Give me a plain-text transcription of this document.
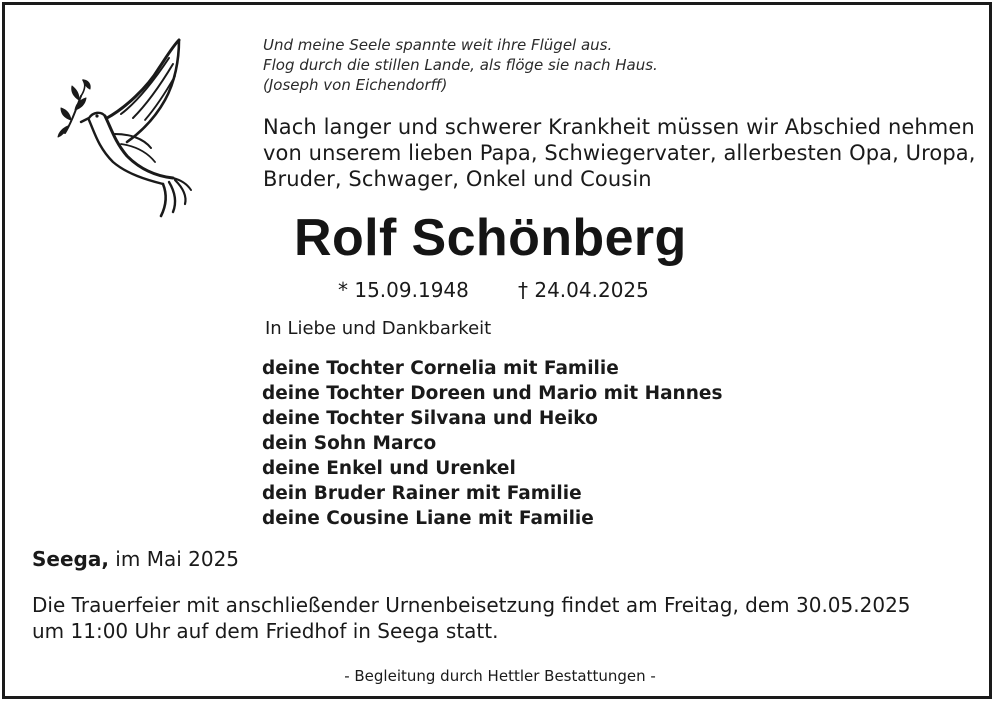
Und meine Seele spannte weit ihre Flügel aus.
Flog durch die stillen Lande, als flöge sie nach Haus.
(Joseph von Eichendorff)
Nach langer und schwerer Krankheit müssen wir Abschied nehmen
von unserem lieben Papa, Schwiegervater, allerbesten Opa, Uropa,
Bruder, Schwager, Onkel und Cousin
Rolf Schönberg
* 15.09.1948 † 24.04.2025
In Liebe und Dankbarkeit
deine Tochter Cornelia mit Familie
deine Tochter Doreen und Mario mit Hannes
deine Tochter Silvana und Heiko
dein Sohn Marco
deine Enkel und Urenkel
dein Bruder Rainer mit Familie
deine Cousine Liane mit Familie
Seega, im Mai 2025
Die Trauerfeier mit anschließender Urnenbeisetzung findet am Freitag, dem 30.05.2025
um 11:00 Uhr auf dem Friedhof in Seega statt.
- Begleitung durch Hettler Bestattungen -
